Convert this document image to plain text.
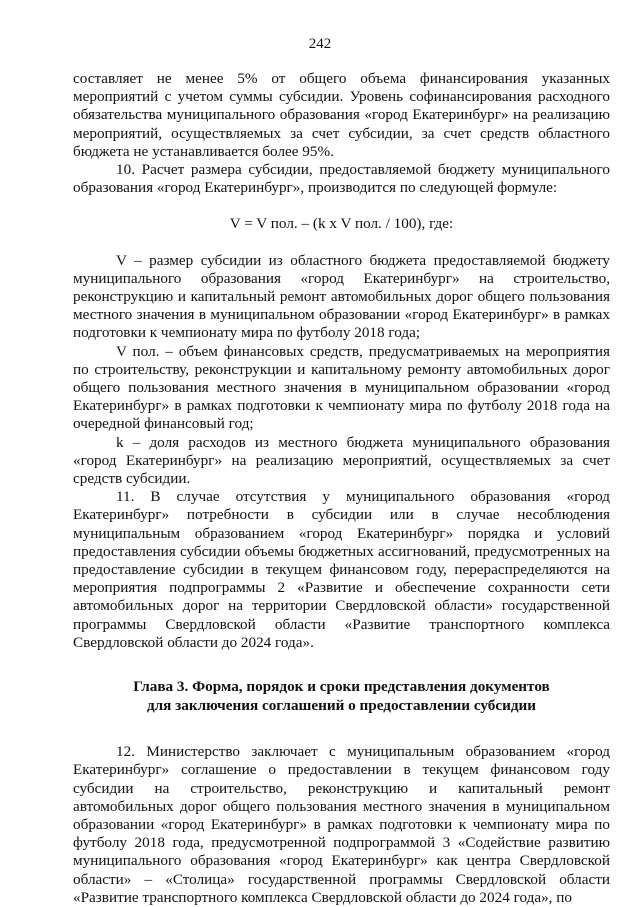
242

составляет не менее 5% от общего объема финансирования указанных мероприятий с учетом суммы субсидии. Уровень софинансирования расходного обязательства муниципального образования «город Екатеринбург» на реализацию мероприятий, осуществляемых за счет субсидии, за счет средств областного бюджета не устанавливается более 95%.

10. Расчет размера субсидии, предоставляемой бюджету муниципального образования «город Екатеринбург», производится по следующей формуле:

V = V пол. – (k x V пол. / 100), где:

V – размер субсидии из областного бюджета предоставляемой бюджету муниципального образования «город Екатеринбург» на строительство, реконструкцию и капитальный ремонт автомобильных дорог общего пользования местного значения в муниципальном образовании «город Екатеринбург» в рамках подготовки к чемпионату мира по футболу 2018 года;

V пол. – объем финансовых средств, предусматриваемых на мероприятия по строительству, реконструкции и капитальному ремонту автомобильных дорог общего пользования местного значения в муниципальном образовании «город Екатеринбург» в рамках подготовки к чемпионату мира по футболу 2018 года на очередной финансовый год;

k – доля расходов из местного бюджета муниципального образования «город Екатеринбург» на реализацию мероприятий, осуществляемых за счет средств субсидии.

11. В случае отсутствия у муниципального образования «город Екатеринбург» потребности в субсидии или в случае несоблюдения муниципальным образованием «город Екатеринбург» порядка и условий предоставления субсидии объемы бюджетных ассигнований, предусмотренных на предоставление субсидии в текущем финансовом году, перераспределяются на мероприятия подпрограммы 2 «Развитие и обеспечение сохранности сети автомобильных дорог на территории Свердловской области» государственной программы Свердловской области «Развитие транспортного комплекса Свердловской области до 2024 года».

Глава 3. Форма, порядок и сроки представления документов
для заключения соглашений о предоставлении субсидии

12. Министерство заключает с муниципальным образованием «город Екатеринбург» соглашение о предоставлении в текущем финансовом году субсидии на строительство, реконструкцию и капитальный ремонт автомобильных дорог общего пользования местного значения в муниципальном образовании «город Екатеринбург» в рамках подготовки к чемпионату мира по футболу 2018 года, предусмотренной подпрограммой 3 «Содействие развитию муниципального образования «город Екатеринбург» как центра Свердловской области» – «Столица» государственной программы Свердловской области «Развитие транспортного комплекса Свердловской области до 2024 года», по
